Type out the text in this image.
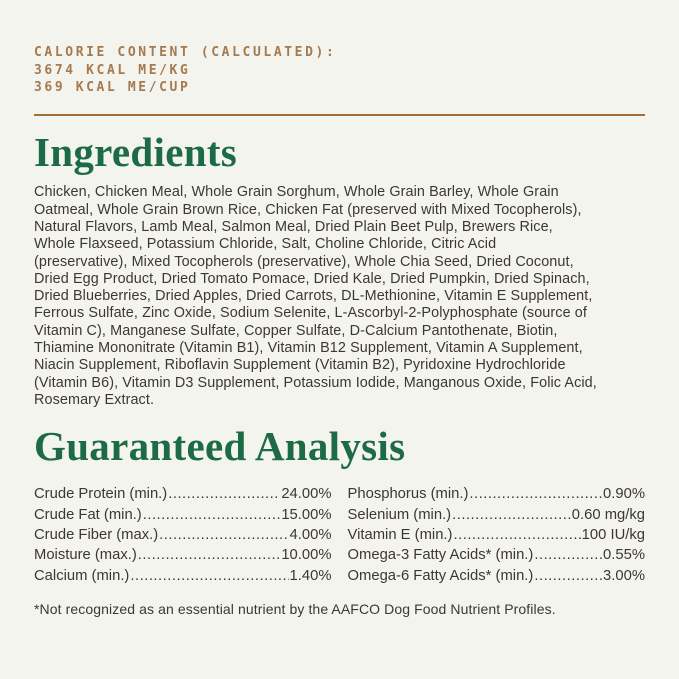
CALORIE CONTENT (CALCULATED):
3674 KCAL ME/KG
369 KCAL ME/CUP
Ingredients
Chicken, Chicken Meal, Whole Grain Sorghum, Whole Grain Barley, Whole Grain
Oatmeal, Whole Grain Brown Rice, Chicken Fat (preserved with Mixed Tocopherols),
Natural Flavors, Lamb Meal, Salmon Meal, Dried Plain Beet Pulp, Brewers Rice,
Whole Flaxseed, Potassium Chloride, Salt, Choline Chloride, Citric Acid
(preservative), Mixed Tocopherols (preservative), Whole Chia Seed, Dried Coconut,
Dried Egg Product, Dried Tomato Pomace, Dried Kale, Dried Pumpkin, Dried Spinach,
Dried Blueberries, Dried Apples, Dried Carrots, DL-Methionine, Vitamin E Supplement,
Ferrous Sulfate, Zinc Oxide, Sodium Selenite, L-Ascorbyl-2-Polyphosphate (source of
Vitamin C), Manganese Sulfate, Copper Sulfate, D-Calcium Pantothenate, Biotin,
Thiamine Mononitrate (Vitamin B1), Vitamin B12 Supplement, Vitamin A Supplement,
Niacin Supplement, Riboflavin Supplement (Vitamin B2), Pyridoxine Hydrochloride
(Vitamin B6), Vitamin D3 Supplement, Potassium Iodide, Manganous Oxide, Folic Acid,
Rosemary Extract.
Guaranteed Analysis
Crude Protein (min.) .....	24.00%
Crude Fat (min.) .....	15.00%
Crude Fiber (max.) .....	4.00%
Moisture (max.) .....	10.00%
Calcium (min.) .....	1.40%
Phosphorus (min.) .....	0.90%
Selenium (min.) .....	0.60 mg/kg
Vitamin E (min.) .....	100 IU/kg
Omega-3 Fatty Acids* (min.) .....	0.55%
Omega-6 Fatty Acids* (min.) .....	3.00%

*Not recognized as an essential nutrient by the AAFCO Dog Food Nutrient Profiles.
